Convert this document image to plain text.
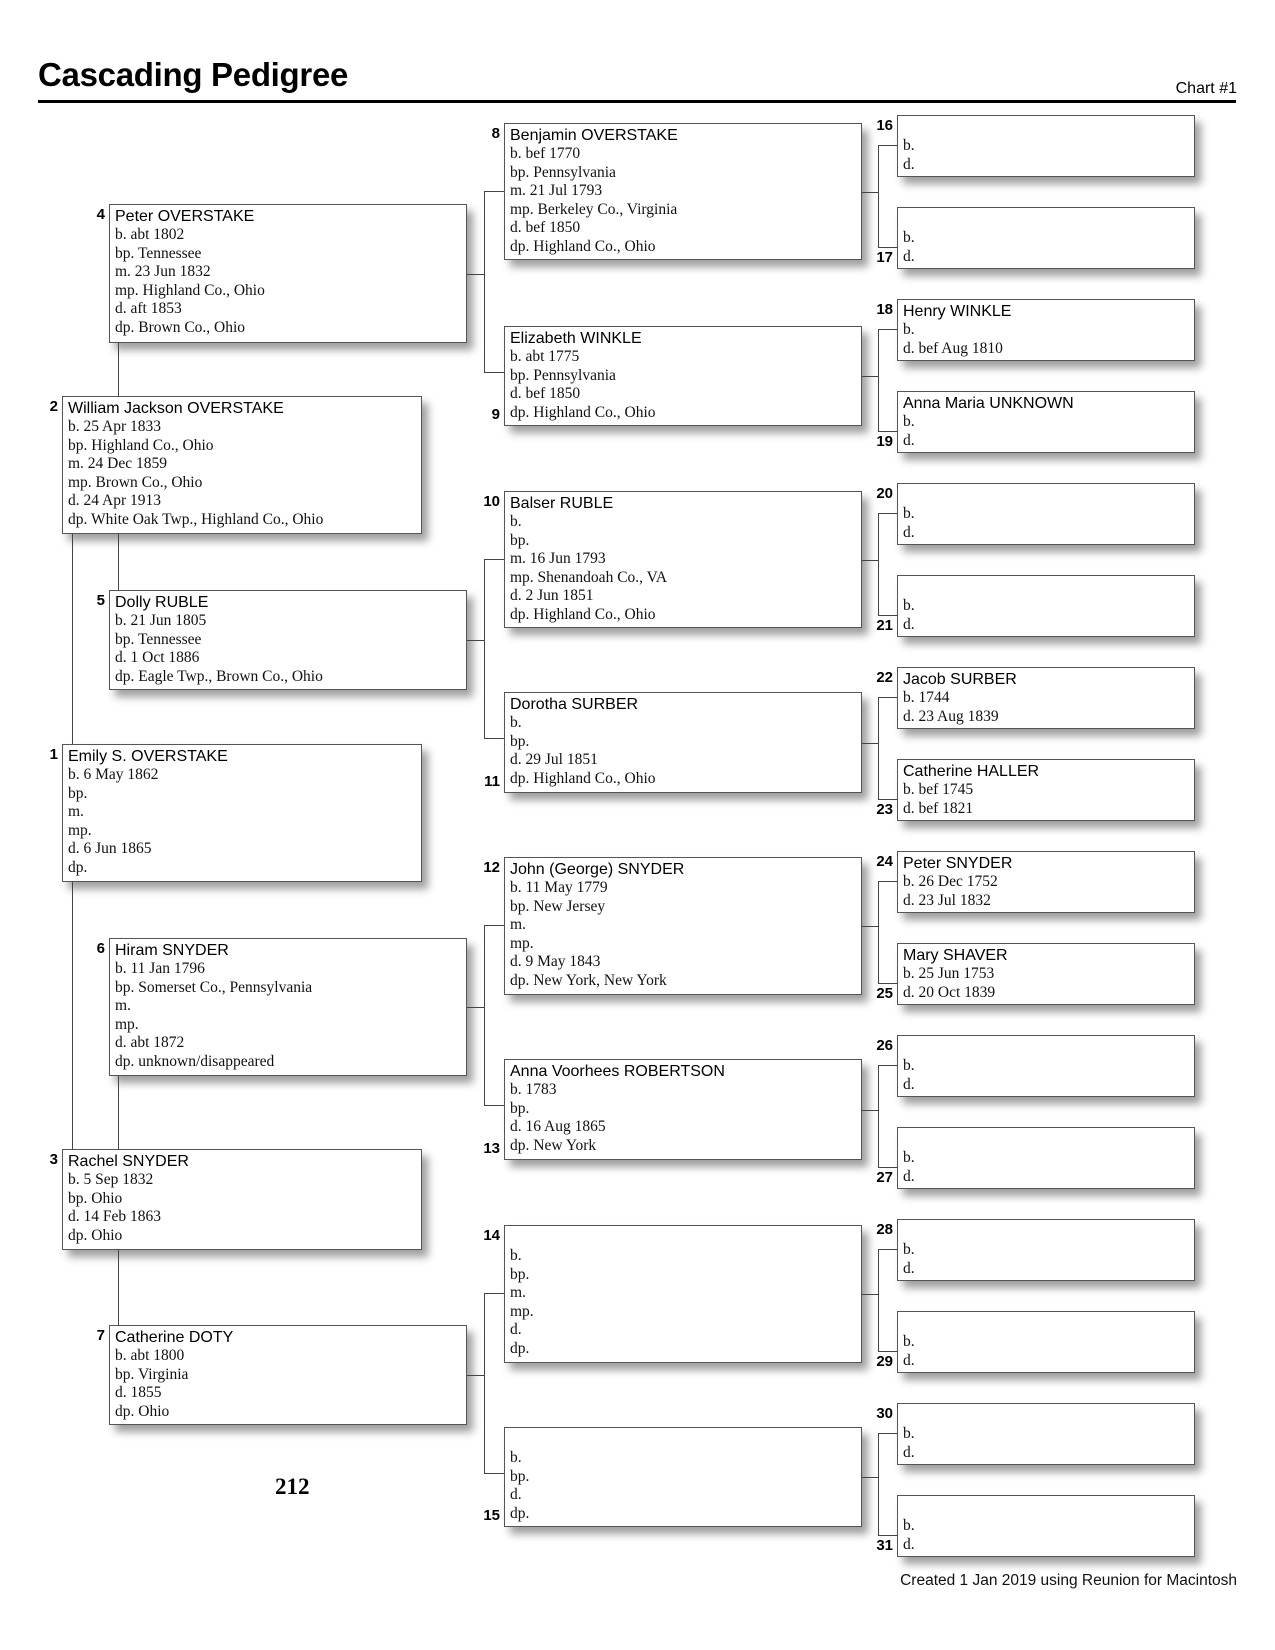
Cascading Pedigree	Chart #1
Emily S. OVERSTAKE
b. 6 May 1862
bp.
m.
mp.
d. 6 Jun 1865
dp.
1
William Jackson OVERSTAKE
b. 25 Apr 1833
bp. Highland Co., Ohio
m. 24 Dec 1859
mp. Brown Co., Ohio
d. 24 Apr 1913
dp. White Oak Twp., Highland Co., Ohio
2
Rachel SNYDER
b. 5 Sep 1832
bp. Ohio
d. 14 Feb 1863
dp. Ohio
3
Peter OVERSTAKE
b. abt 1802
bp. Tennessee
m. 23 Jun 1832
mp. Highland Co., Ohio
d. aft 1853
dp. Brown Co., Ohio
4
Dolly RUBLE
b. 21 Jun 1805
bp. Tennessee
d. 1 Oct 1886
dp. Eagle Twp., Brown Co., Ohio
5
Hiram SNYDER
b. 11 Jan 1796
bp. Somerset Co., Pennsylvania
m.
mp.
d. abt 1872
dp. unknown/disappeared
6
Catherine DOTY
b. abt 1800
bp. Virginia
d. 1855
dp. Ohio
7
Benjamin OVERSTAKE
b. bef 1770
bp. Pennsylvania
m. 21 Jul 1793
mp. Berkeley Co., Virginia
d. bef 1850
dp. Highland Co., Ohio
8
Elizabeth WINKLE
b. abt 1775
bp. Pennsylvania
d. bef 1850
dp. Highland Co., Ohio
9
Balser RUBLE
b.
bp.
m. 16 Jun 1793
mp. Shenandoah Co., VA
d. 2 Jun 1851
dp. Highland Co., Ohio
10
Dorotha SURBER
b.
bp.
d. 29 Jul 1851
dp. Highland Co., Ohio
11
John (George) SNYDER
b. 11 May 1779
bp. New Jersey
m.
mp.
d. 9 May 1843
dp. New York, New York
12
Anna Voorhees ROBERTSON
b. 1783
bp.
d. 16 Aug 1865
dp. New York
13
b.
bp.
m.
mp.
d.
dp.
14
b.
bp.
d.
dp.
15
b.
d.
16
b.
d.
17
Henry WINKLE
b.
d. bef Aug 1810
18
Anna Maria UNKNOWN
b.
d.
19
b.
d.
20
b.
d.
21
Jacob SURBER
b. 1744
d. 23 Aug 1839
22
Catherine HALLER
b. bef 1745
d. bef 1821
23
Peter SNYDER
b. 26 Dec 1752
d. 23 Jul 1832
24
Mary SHAVER
b. 25 Jun 1753
d. 20 Oct 1839
25
b.
d.
26
b.
d.
27
b.
d.
28
b.
d.
29
b.
d.
30
b.
d.
31
212
Created 1 Jan 2019 using Reunion for Macintosh
